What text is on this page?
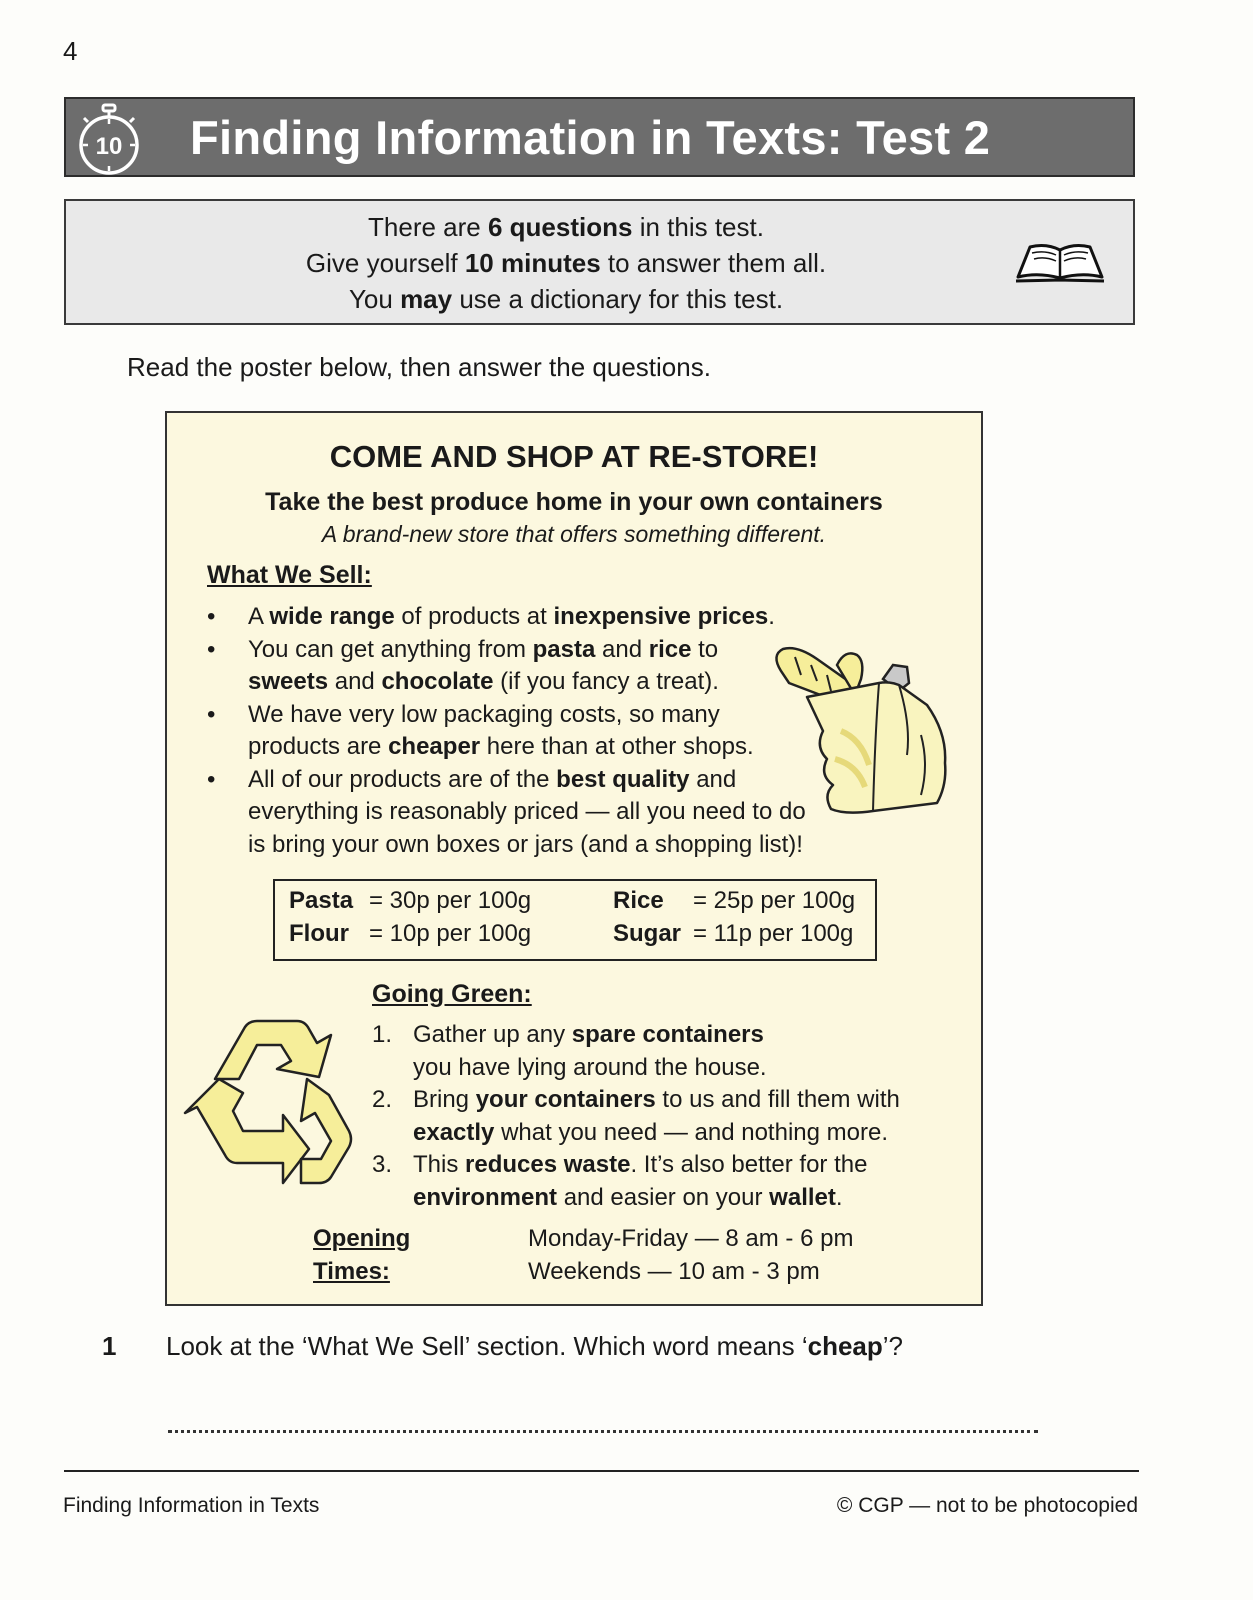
4
10 Finding Information in Texts: Test 2
There are 6 questions in this test.
Give yourself 10 minutes to answer them all.
You may use a dictionary for this test.
Read the poster below, then answer the questions.
COME AND SHOP AT RE-STORE!
Take the best produce home in your own containers
A brand-new store that offers something different.
What We Sell:
• A wide range of products at inexpensive prices.

• You can get anything from pasta and rice to

sweets and chocolate (if you fancy a treat).

• We have very low packaging costs, so many

products are cheaper here than at other shops.

• All of our products are of the best quality and

everything is reasonably priced — all you need to do

is bring your own boxes or jars (and a shopping list)!

Pasta = 30p per 100g	Rice = 25p per 100g
Flour = 10p per 100g	Sugar = 11p per 100g
Going Green:
1. Gather up any spare containers

you have lying around the house.

2. Bring your containers to us and fill them with

exactly what you need — and nothing more.

3. This reduces waste. It’s also better for the

environment and easier on your wallet.

Opening Times:
Monday-Friday — 8 am - 6 pm
Weekends — 10 am - 3 pm
1 Look at the ‘What We Sell’ section. Which word means ‘cheap’?
Finding Information in Texts	© CGP — not to be photocopied
